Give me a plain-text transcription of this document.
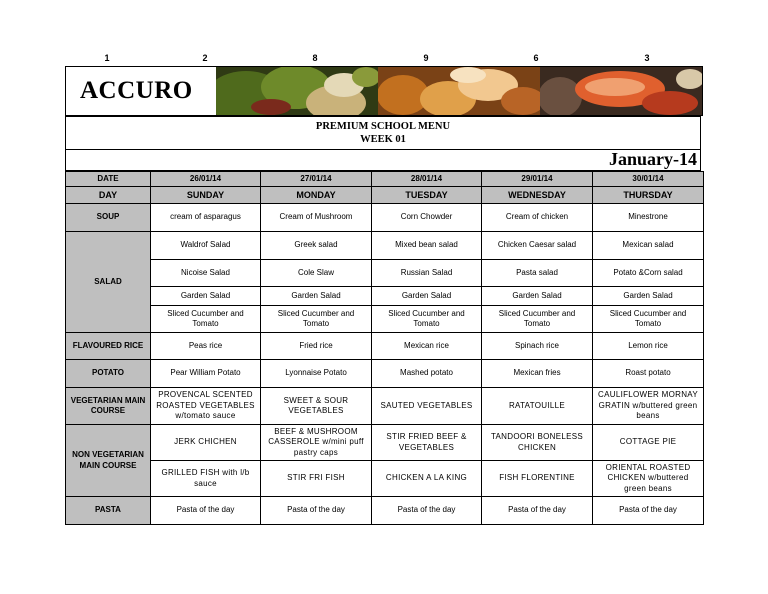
1	2	8	9	6	3
ACCURO
PREMIUM SCHOOL MENU
WEEK 01
January-14
DATE	26/01/14	27/01/14	28/01/14	29/01/14	30/01/14
DAY	SUNDAY	MONDAY	TUESDAY	WEDNESDAY	THURSDAY
SOUP	cream of asparagus	Cream of Mushroom	Corn Chowder	Cream of chicken	Minestrone
SALAD	Waldrof Salad	Greek salad	Mixed bean salad	Chicken Caesar salad	Mexican salad
	Nicoise Salad	Cole Slaw	Russian Salad	Pasta salad	Potato &Corn salad
	Garden Salad	Garden Salad	Garden Salad	Garden Salad	Garden Salad
	Sliced Cucumber and Tomato	Sliced Cucumber and Tomato	Sliced Cucumber and Tomato	Sliced Cucumber and Tomato	Sliced Cucumber and Tomato
FLAVOURED RICE	Peas rice	Fried rice	Mexican rice	Spinach rice	Lemon rice
POTATO	Pear William Potato	Lyonnaise Potato	Mashed potato	Mexican fries	Roast potato
VEGETARIAN MAIN COURSE	PROVENCAL SCENTED ROASTED VEGETABLES w/tomato sauce	SWEET & SOUR VEGETABLES	SAUTED VEGETABLES	RATATOUILLE	CAULIFLOWER MORNAY GRATIN w/buttered green beans
NON VEGETARIAN MAIN COURSE	JERK CHICHEN	BEEF & MUSHROOM CASSEROLE w/mini puff pastry caps	STIR FRIED BEEF & VEGETABLES	TANDOORI BONELESS CHICKEN	COTTAGE PIE
	GRILLED FISH with l/b sauce	STIR FRI FISH	CHICKEN A LA KING	FISH FLORENTINE	ORIENTAL ROASTED CHICKEN w/buttered green beans
PASTA	Pasta of the day	Pasta of the day	Pasta of the day	Pasta of the day	Pasta of the day
